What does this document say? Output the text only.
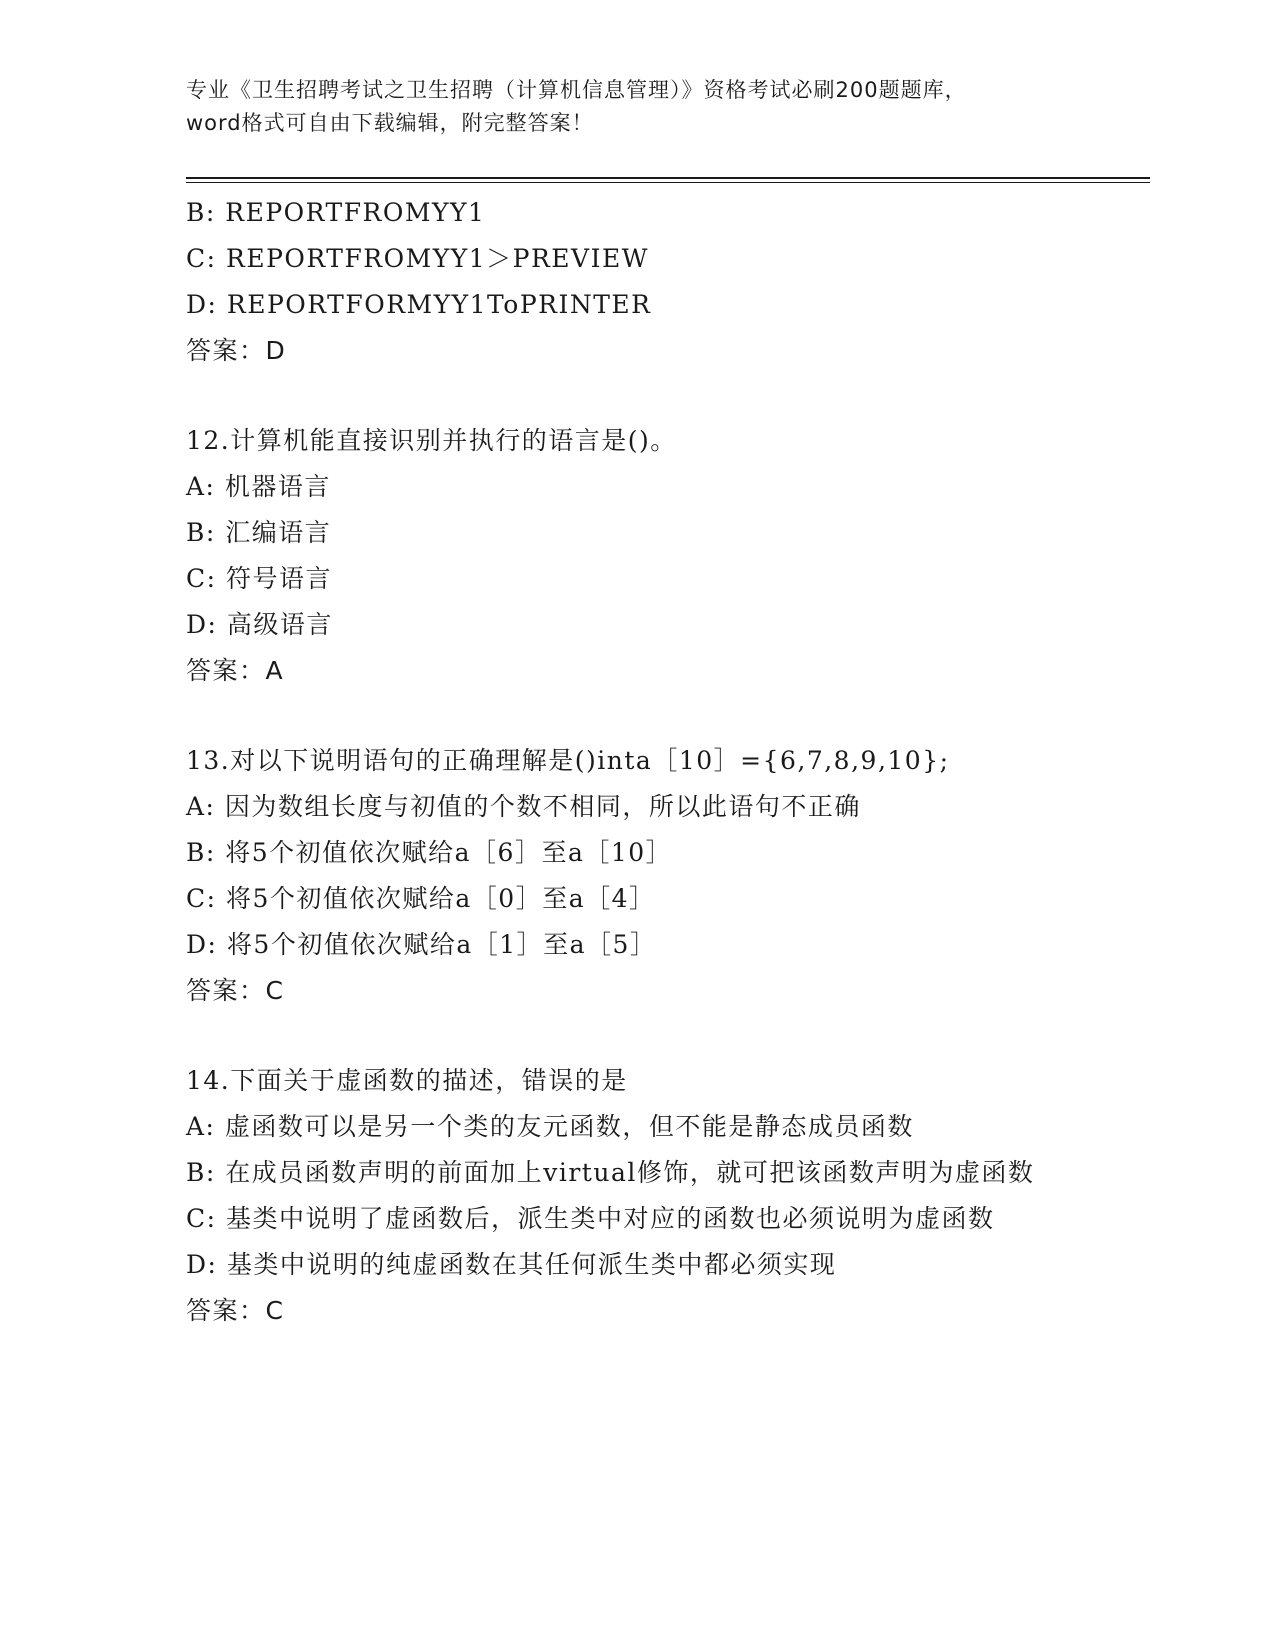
专业《卫生招聘考试之卫生招聘（计算机信息管理）》资格考试必刷200题题库，
word格式可自由下载编辑，附完整答案！
B: REPORTFROMYY1
C: REPORTFROMYY1＞PREVIEW
D: REPORTFORMYY1ToPRINTER
答案：D
12.计算机能直接识别并执行的语言是()。
A: 机器语言
B: 汇编语言
C: 符号语言
D: 高级语言
答案：A
13.对以下说明语句的正确理解是()inta［10］={6,7,8,9,10};
A: 因为数组长度与初值的个数不相同，所以此语句不正确
B: 将5个初值依次赋给a［6］至a［10］
C: 将5个初值依次赋给a［0］至a［4］
D: 将5个初值依次赋给a［1］至a［5］
答案：C
14.下面关于虚函数的描述，错误的是
A: 虚函数可以是另一个类的友元函数，但不能是静态成员函数
B: 在成员函数声明的前面加上virtual修饰，就可把该函数声明为虚函数
C: 基类中说明了虚函数后，派生类中对应的函数也必须说明为虚函数
D: 基类中说明的纯虚函数在其任何派生类中都必须实现
答案：C
